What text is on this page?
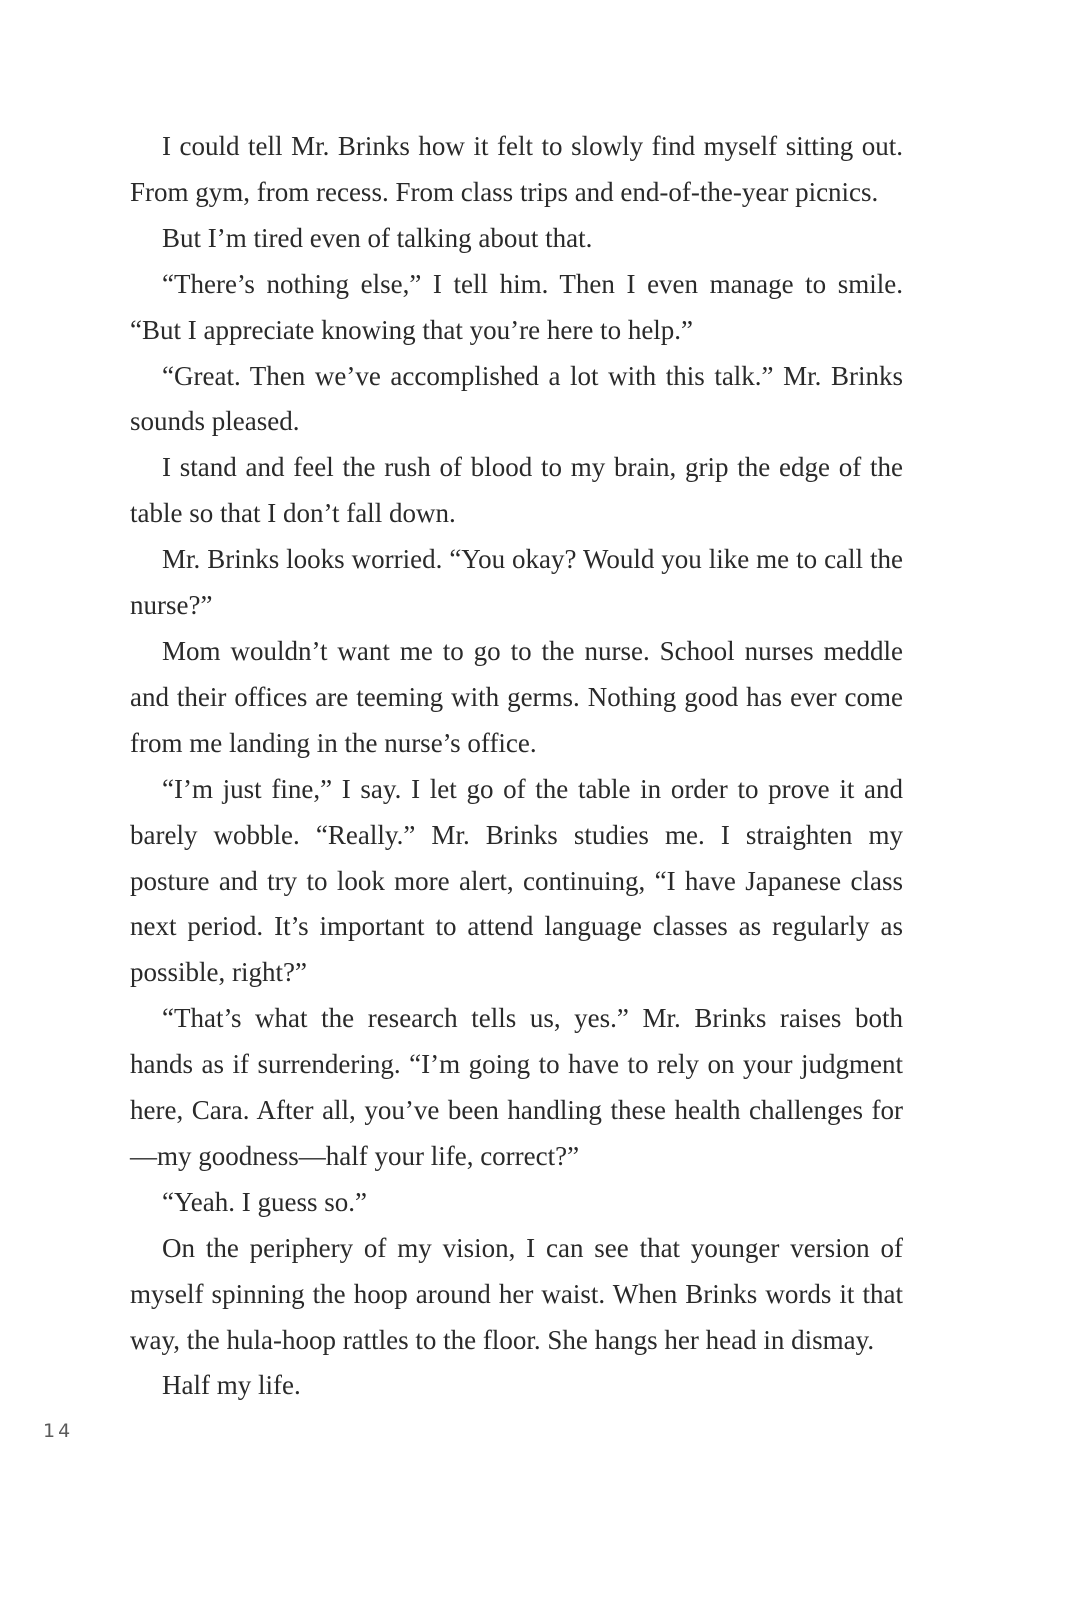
I could tell Mr. Brinks how it felt to slowly find myself sitting out. From gym, from recess. From class trips and end-of-the-year picnics.

But I’m tired even of talking about that.

“There’s nothing else,” I tell him. Then I even manage to smile. “But I appreciate knowing that you’re here to help.”

“Great. Then we’ve accomplished a lot with this talk.” Mr. Brinks sounds pleased.

I stand and feel the rush of blood to my brain, grip the edge of the table so that I don’t fall down.

Mr. Brinks looks worried. “You okay? Would you like me to call the nurse?”

Mom wouldn’t want me to go to the nurse. School nurses meddle and their offices are teeming with germs. Nothing good has ever come from me landing in the nurse’s office.

“I’m just fine,” I say. I let go of the table in order to prove it and barely wobble. “Really.” Mr. Brinks studies me. I straighten my posture and try to look more alert, continuing, “I have Japanese class next period. It’s important to attend language classes as regularly as possible, right?”

“That’s what the research tells us, yes.” Mr. Brinks raises both hands as if surrendering. “I’m going to have to rely on your judgment here, Cara. After all, you’ve been handling these health challenges for—my goodness—half your life, correct?”

“Yeah. I guess so.”

On the periphery of my vision, I can see that younger version of myself spinning the hoop around her waist. When Brinks words it that way, the hula-hoop rattles to the floor. She hangs her head in dismay.

Half my life.

14
